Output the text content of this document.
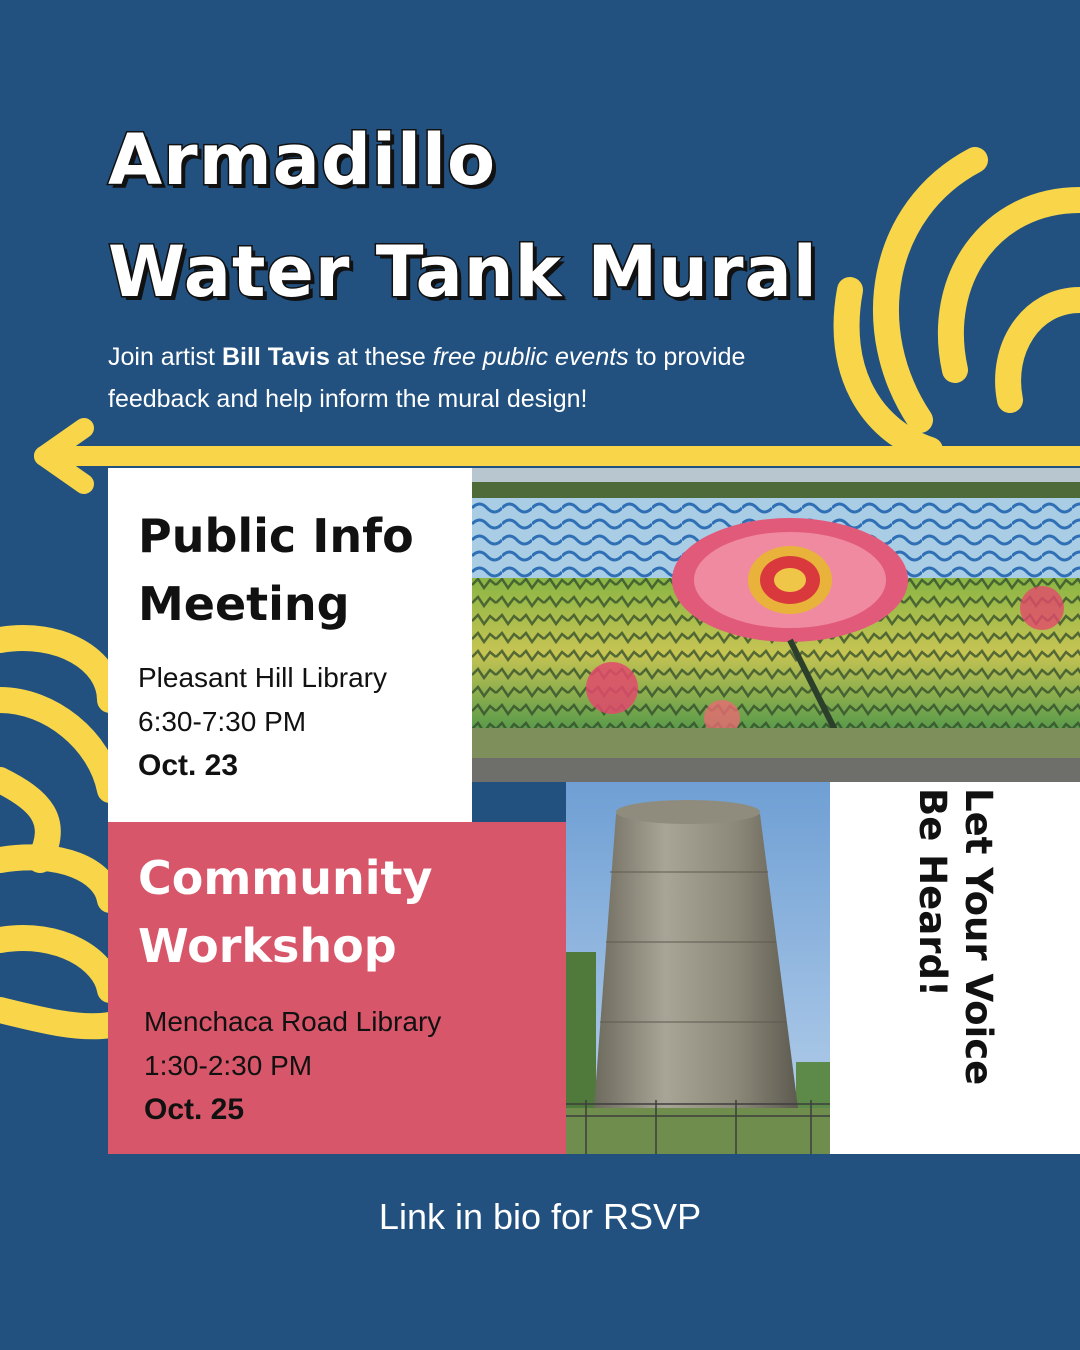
Armadillo
Water Tank Mural

Join artist Bill Tavis at these free public events to provide feedback and help inform the mural design!

Public Info
Meeting
Pleasant Hill Library
6:30-7:30 PM
Oct. 23
Community
Workshop
Menchaca Road Library
1:30-2:30 PM
Oct. 25
Let Your Voice
Be Heard!
Link in bio for RSVP
